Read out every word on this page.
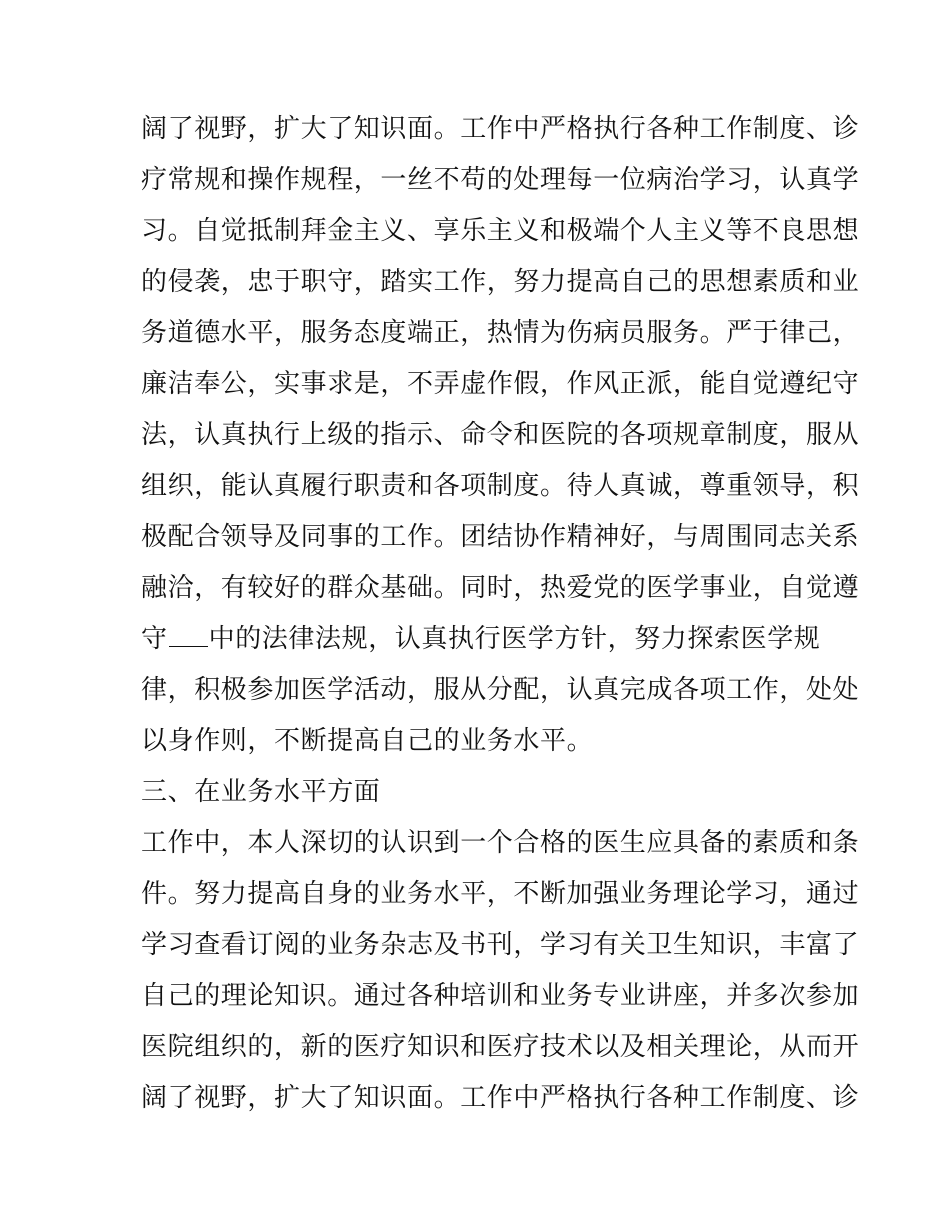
阔了视野，扩大了知识面。工作中严格执行各种工作制度、诊
疗常规和操作规程，一丝不苟的处理每一位病治学习，认真学
习。自觉抵制拜金主义、享乐主义和极端个人主义等不良思想
的侵袭，忠于职守，踏实工作，努力提高自己的思想素质和业
务道德水平，服务态度端正，热情为伤病员服务。严于律己，
廉洁奉公，实事求是，不弄虚作假，作风正派，能自觉遵纪守
法，认真执行上级的指示、命令和医院的各项规章制度，服从
组织，能认真履行职责和各项制度。待人真诚，尊重领导，积
极配合领导及同事的工作。团结协作精神好，与周围同志关系
融洽，有较好的群众基础。同时，热爱党的医学事业，自觉遵
守 中的法律法规，认真执行医学方针，努力探索医学规
律，积极参加医学活动，服从分配，认真完成各项工作，处处
以身作则，不断提高自己的业务水平。
三、在业务水平方面
工作中，本人深切的认识到一个合格的医生应具备的素质和条
件。努力提高自身的业务水平，不断加强业务理论学习，通过
学习查看订阅的业务杂志及书刊，学习有关卫生知识，丰富了
自己的理论知识。通过各种培训和业务专业讲座，并多次参加
医院组织的，新的医疗知识和医疗技术以及相关理论，从而开
阔了视野，扩大了知识面。工作中严格执行各种工作制度、诊
